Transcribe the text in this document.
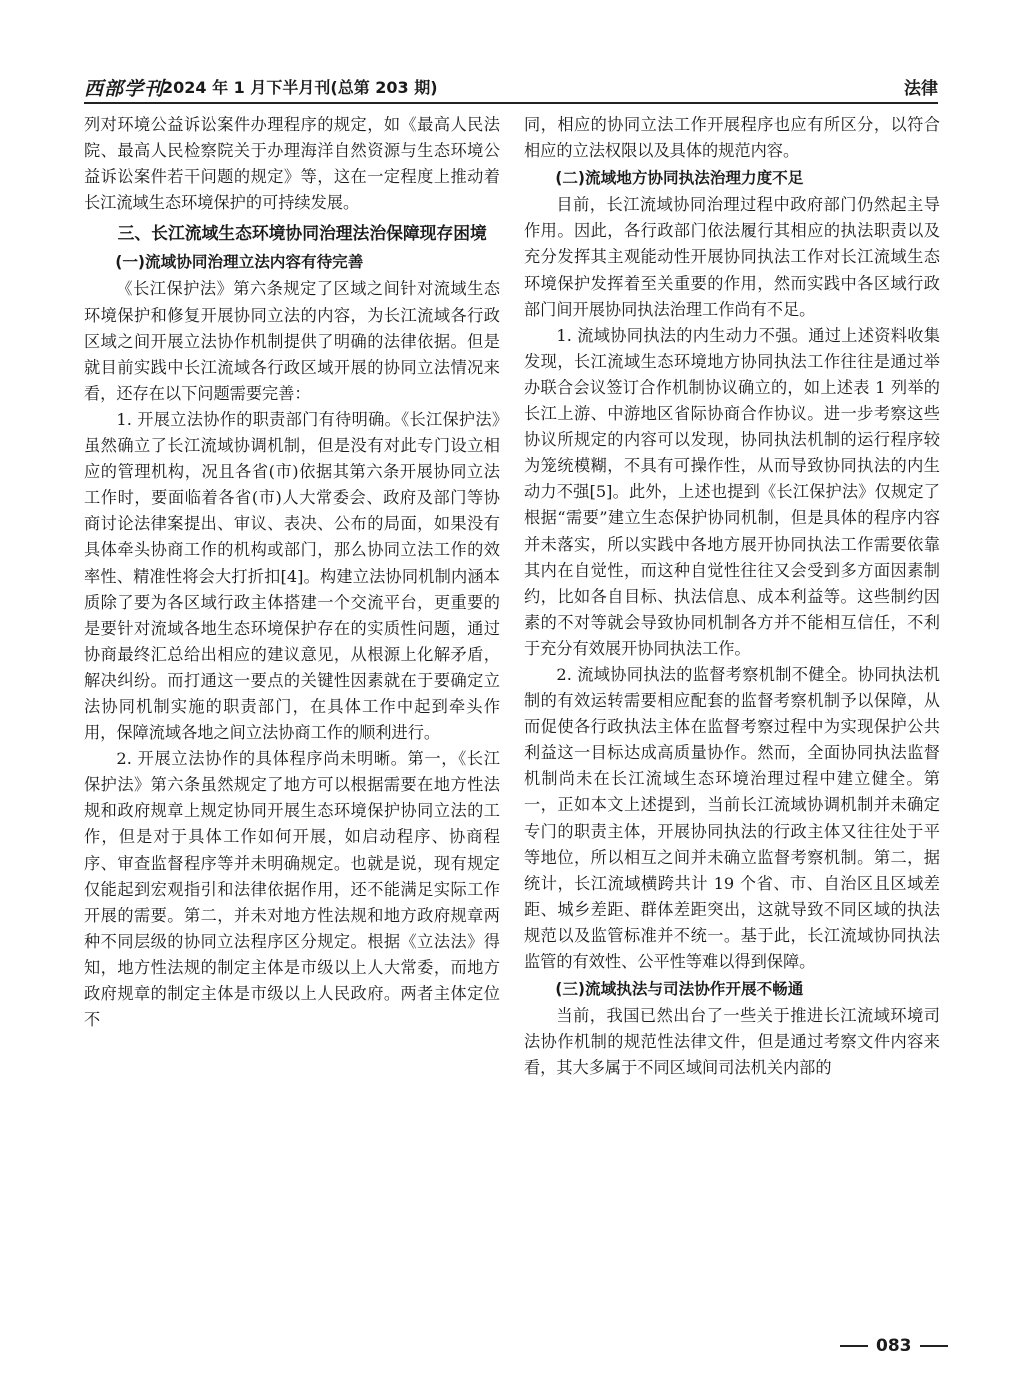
西部学刊
2024 年 1 月下半月刊(总第 203 期)	法律

列对环境公益诉讼案件办理程序的规定，如《最高人民法院、最高人民检察院关于办理海洋自然资源与生态环境公益诉讼案件若干问题的规定》等，这在一定程度上推动着长江流域生态环境保护的可持续发展。

三、长江流域生态环境协同治理法治保障现存困境

(一)流域协同治理立法内容有待完善

《长江保护法》第六条规定了区域之间针对流域生态环境保护和修复开展协同立法的内容，为长江流域各行政区域之间开展立法协作机制提供了明确的法律依据。但是就目前实践中长江流域各行政区域开展的协同立法情况来看，还存在以下问题需要完善：

1. 开展立法协作的职责部门有待明确。《长江保护法》虽然确立了长江流域协调机制，但是没有对此专门设立相应的管理机构，况且各省(市)依据其第六条开展协同立法工作时，要面临着各省(市)人大常委会、政府及部门等协商讨论法律案提出、审议、表决、公布的局面，如果没有具体牵头协商工作的机构或部门，那么协同立法工作的效率性、精准性将会大打折扣[4]。构建立法协同机制内涵本质除了要为各区域行政主体搭建一个交流平台，更重要的是要针对流域各地生态环境保护存在的实质性问题，通过协商最终汇总给出相应的建议意见，从根源上化解矛盾，解决纠纷。而打通这一要点的关键性因素就在于要确定立法协同机制实施的职责部门，在具体工作中起到牵头作用，保障流域各地之间立法协商工作的顺利进行。

2. 开展立法协作的具体程序尚未明晰。第一，《长江保护法》第六条虽然规定了地方可以根据需要在地方性法规和政府规章上规定协同开展生态环境保护协同立法的工作，但是对于具体工作如何开展，如启动程序、协商程序、审查监督程序等并未明确规定。也就是说，现有规定仅能起到宏观指引和法律依据作用，还不能满足实际工作开展的需要。第二，并未对地方性法规和地方政府规章两种不同层级的协同立法程序区分规定。根据《立法法》得知，地方性法规的制定主体是市级以上人大常委，而地方政府规章的制定主体是市级以上人民政府。两者主体定位不

同，相应的协同立法工作开展程序也应有所区分，以符合相应的立法权限以及具体的规范内容。

(二)流域地方协同执法治理力度不足

目前，长江流域协同治理过程中政府部门仍然起主导作用。因此，各行政部门依法履行其相应的执法职责以及充分发挥其主观能动性开展协同执法工作对长江流域生态环境保护发挥着至关重要的作用，然而实践中各区域行政部门间开展协同执法治理工作尚有不足。

1. 流域协同执法的内生动力不强。通过上述资料收集发现，长江流域生态环境地方协同执法工作往往是通过举办联合会议签订合作机制协议确立的，如上述表 1 列举的长江上游、中游地区省际协商合作协议。进一步考察这些协议所规定的内容可以发现，协同执法机制的运行程序较为笼统模糊，不具有可操作性，从而导致协同执法的内生动力不强[5]。此外，上述也提到《长江保护法》仅规定了根据“需要”建立生态保护协同机制，但是具体的程序内容并未落实，所以实践中各地方展开协同执法工作需要依靠其内在自觉性，而这种自觉性往往又会受到多方面因素制约，比如各自目标、执法信息、成本利益等。这些制约因素的不对等就会导致协同机制各方并不能相互信任，不利于充分有效展开协同执法工作。

2. 流域协同执法的监督考察机制不健全。协同执法机制的有效运转需要相应配套的监督考察机制予以保障，从而促使各行政执法主体在监督考察过程中为实现保护公共利益这一目标达成高质量协作。然而，全面协同执法监督机制尚未在长江流域生态环境治理过程中建立健全。第一，正如本文上述提到，当前长江流域协调机制并未确定专门的职责主体，开展协同执法的行政主体又往往处于平等地位，所以相互之间并未确立监督考察机制。第二，据统计，长江流域横跨共计 19 个省、市、自治区且区域差距、城乡差距、群体差距突出，这就导致不同区域的执法规范以及监管标准并不统一。基于此，长江流域协同执法监管的有效性、公平性等难以得到保障。

(三)流域执法与司法协作开展不畅通

当前，我国已然出台了一些关于推进长江流域环境司法协作机制的规范性法律文件，但是通过考察文件内容来看，其大多属于不同区域间司法机关内部的

083
